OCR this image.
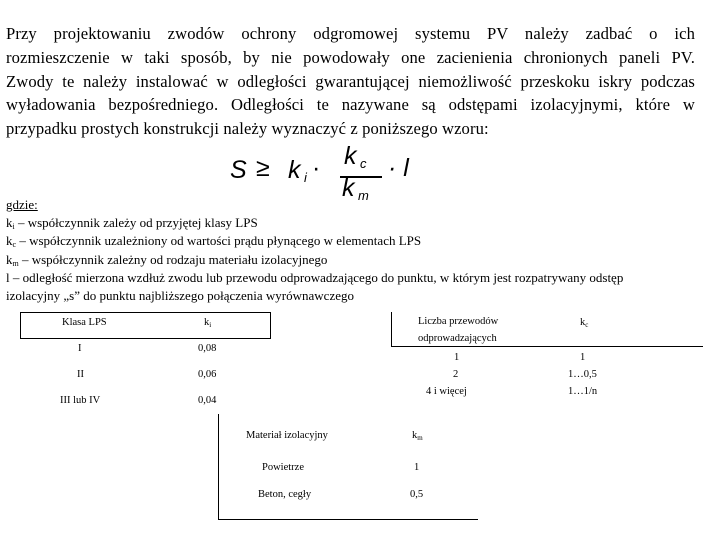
Przy projektowaniu zwodów ochrony odgromowej systemu PV należy zadbać o ich
rozmieszczenie w taki sposób, by nie powodowały one zacienienia chronionych paneli PV.
Zwody te należy instalować w odległości gwarantującej niemożliwość przeskoku iskry podczas
wyładowania bezpośredniego. Odległości te nazywane są odstępami izolacyjnymi, które w
przypadku prostych konstrukcji należy wyznaczyć z poniższego wzoru:
S ≥ k i · k c
k m
· l
gdzie:
$k_i$ – współczynnik zależy od przyjętej klasy LPS
$k_c$ – współczynnik uzależniony od wartości prądu płynącego w elementach LPS
$k_m$ – współczynnik zależny od rodzaju materiału izolacyjnego
l – odległość mierzona wzdłuż zwodu lub przewodu odprowadzającego do punktu, w którym jest rozpatrywany odstęp
izolacyjny „s” do punktu najbliższego połączenia wyrównawczego
Klasa LPS	$k_i$
I	0,08
II	0,06
III lub IV	0,04
Liczba przewodów
odprowadzających
$k_c$
1	1
2	1…0,5
4 i więcej	1…1/n
Materiał izolacyjny	$k_m$
Powietrze	1
Beton, cegły	0,5
